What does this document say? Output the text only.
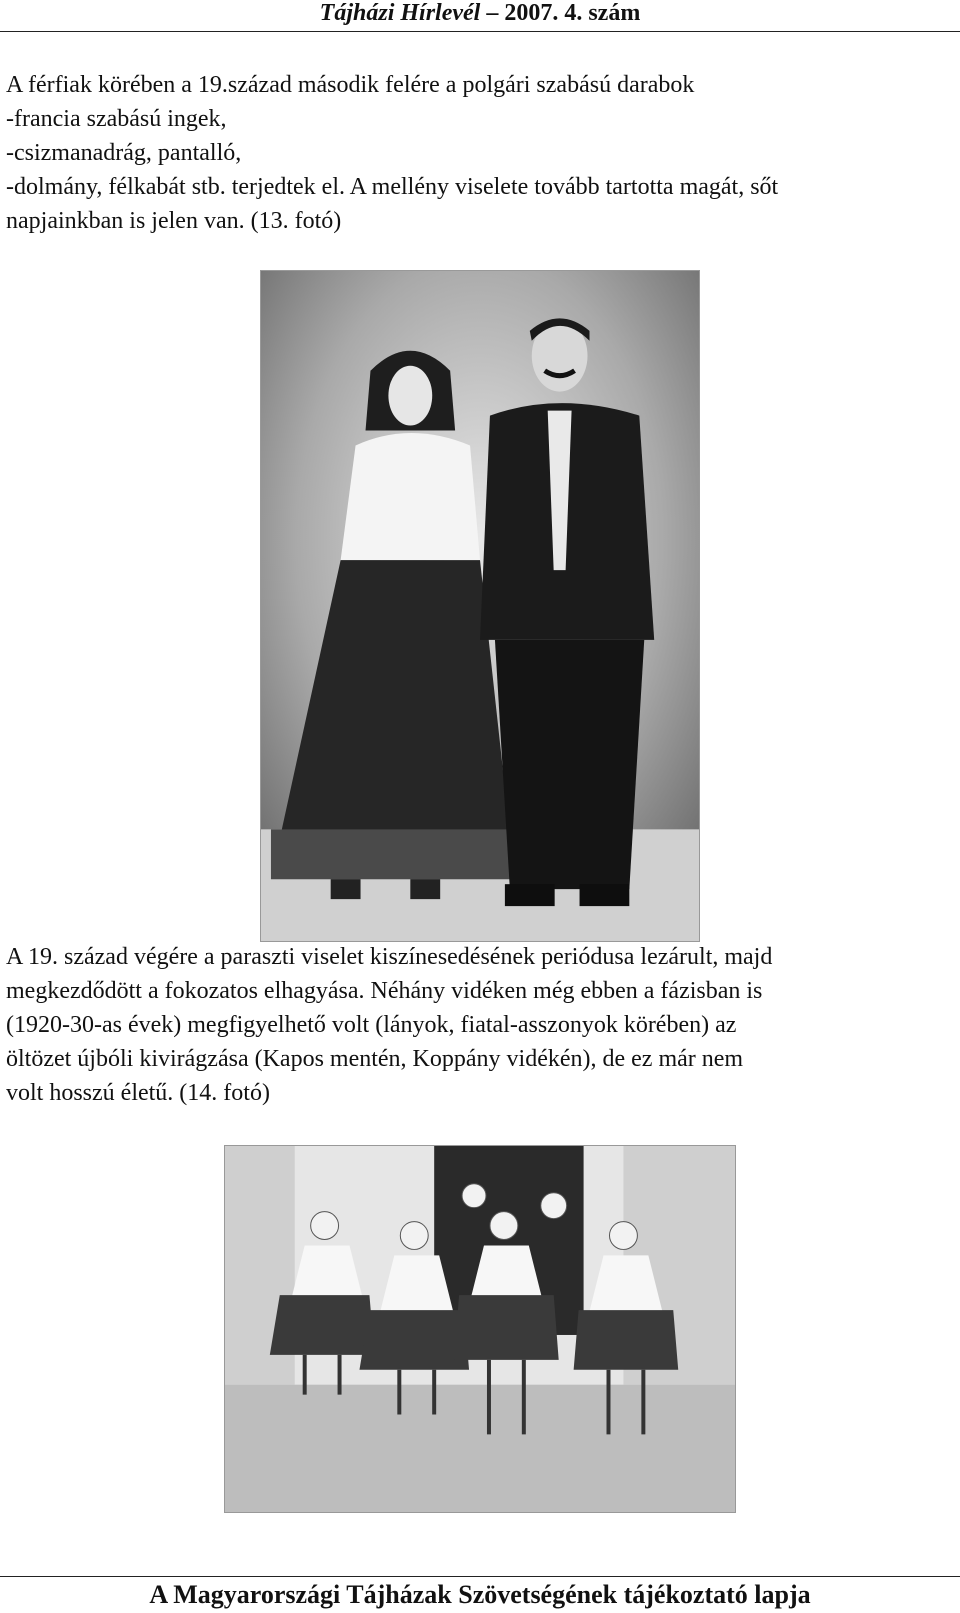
Tájházi Hírlevél – 2007. 4. szám

A férfiak körében a 19.század második felére a polgári szabású darabok
-francia szabású ingek,
-csizmanadrág, pantalló,
-dolmány, félkabát stb. terjedtek el. A mellény viselete tovább tartotta magát, sőt
napjainkban is jelen van. (13. fotó)

A 19. század végére a paraszti viselet kiszínesedésének periódusa lezárult, majd
megkezdődött a fokozatos elhagyása. Néhány vidéken még ebben a fázisban is
(1920-30-as évek) megfigyelhető volt (lányok, fiatal-asszonyok körében) az
öltözet újbóli kivirágzása (Kapos mentén, Koppány vidékén), de ez már nem
volt hosszú életű. (14. fotó)

A Magyarországi Tájházak Szövetségének tájékoztató lapja
